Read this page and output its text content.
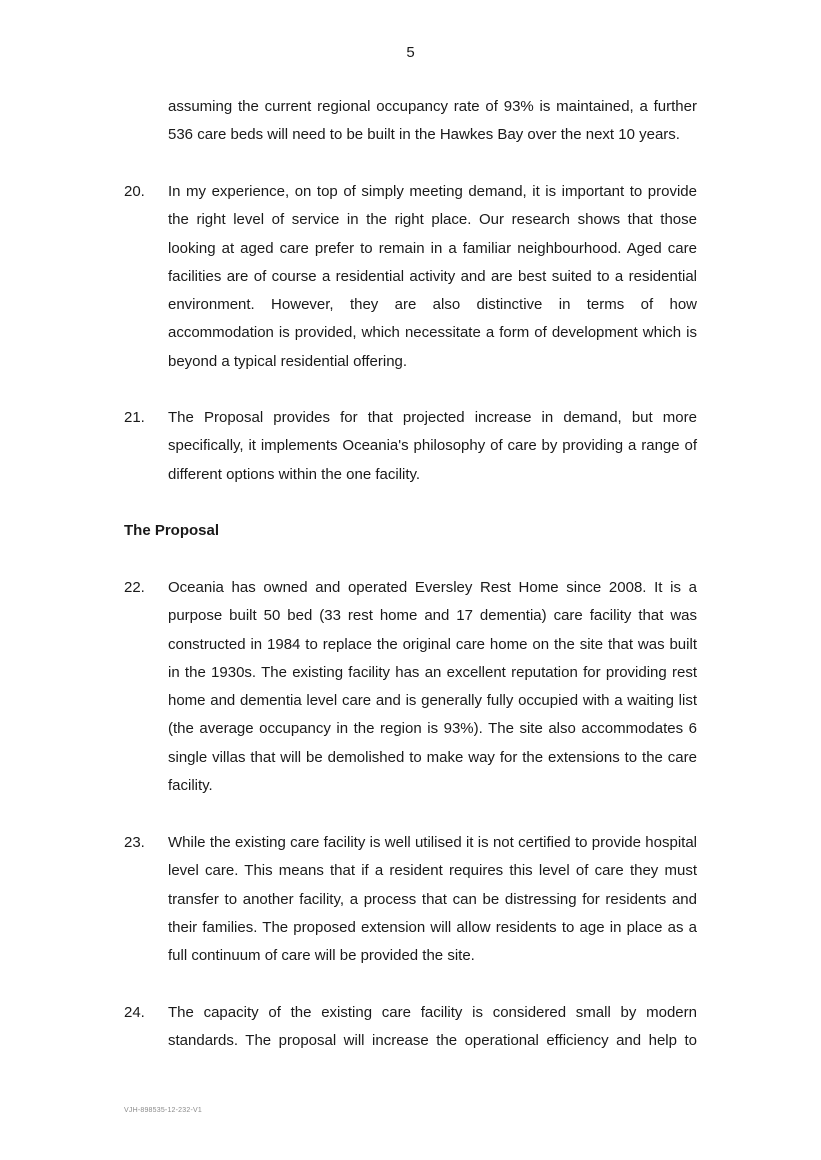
5
assuming the current regional occupancy rate of 93% is maintained, a further 536 care beds will need to be built in the Hawkes Bay over the next 10 years.
20. In my experience, on top of simply meeting demand, it is important to provide the right level of service in the right place. Our research shows that those looking at aged care prefer to remain in a familiar neighbourhood. Aged care facilities are of course a residential activity and are best suited to a residential environment. However, they are also distinctive in terms of how accommodation is provided, which necessitate a form of development which is beyond a typical residential offering.
21. The Proposal provides for that projected increase in demand, but more specifically, it implements Oceania's philosophy of care by providing a range of different options within the one facility.
The Proposal
22. Oceania has owned and operated Eversley Rest Home since 2008. It is a purpose built 50 bed (33 rest home and 17 dementia) care facility that was constructed in 1984 to replace the original care home on the site that was built in the 1930s. The existing facility has an excellent reputation for providing rest home and dementia level care and is generally fully occupied with a waiting list (the average occupancy in the region is 93%). The site also accommodates 6 single villas that will be demolished to make way for the extensions to the care facility.
23. While the existing care facility is well utilised it is not certified to provide hospital level care. This means that if a resident requires this level of care they must transfer to another facility, a process that can be distressing for residents and their families. The proposed extension will allow residents to age in place as a full continuum of care will be provided the site.
24. The capacity of the existing care facility is considered small by modern standards. The proposal will increase the operational efficiency and help to
VJH-898535-12-232-V1
